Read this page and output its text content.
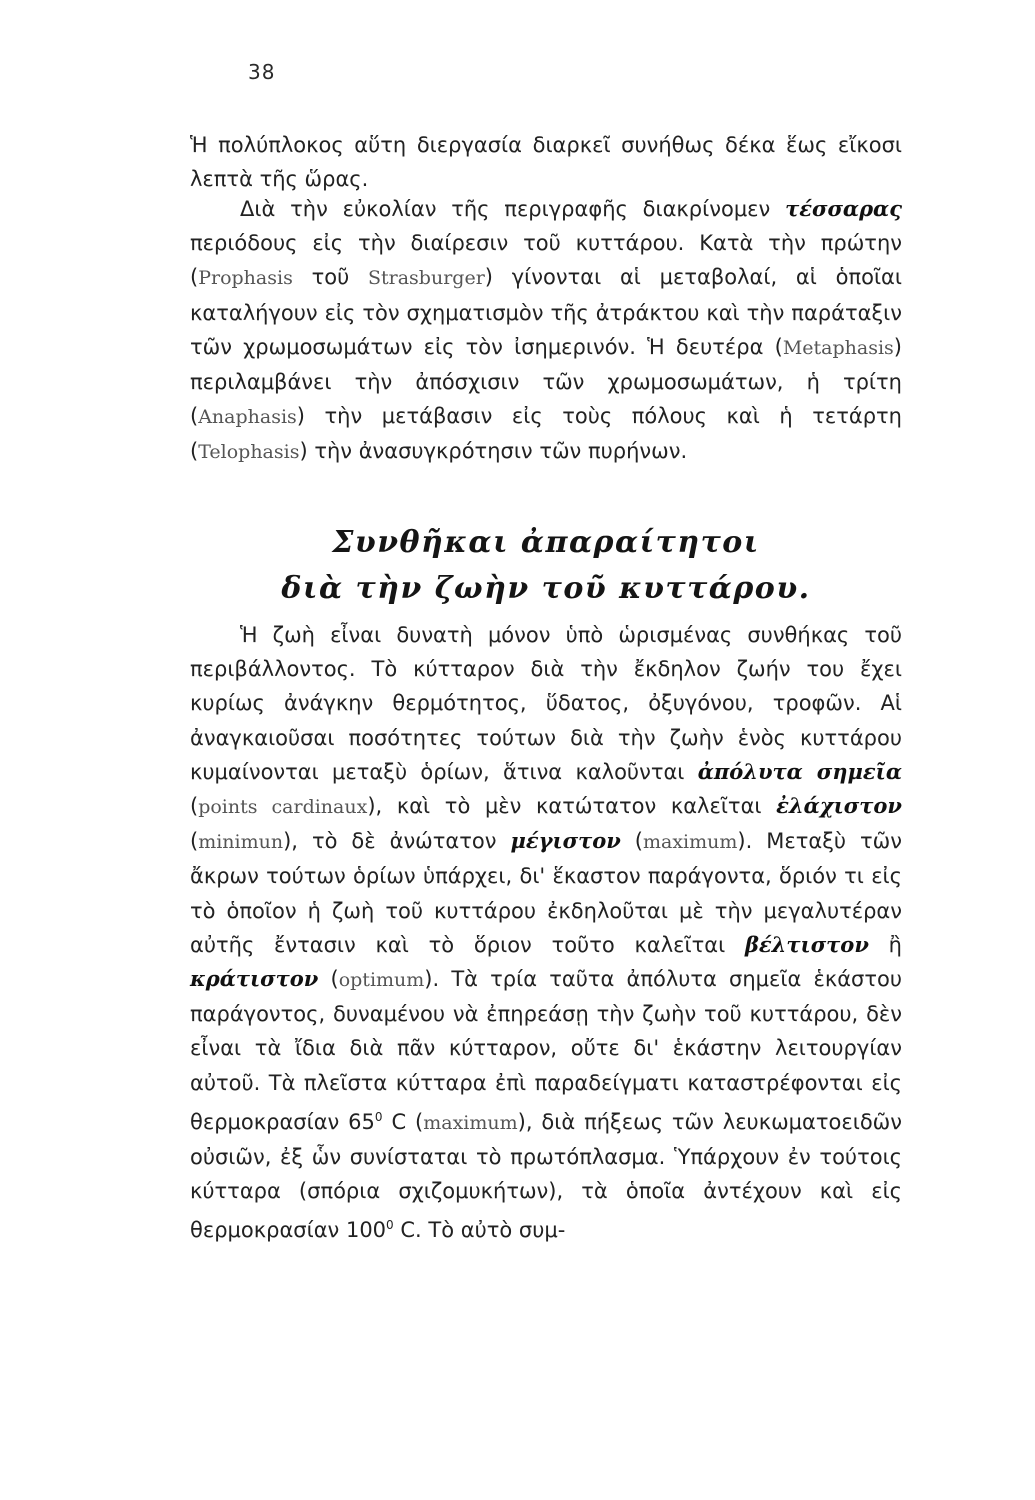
38

Ἡ πολύπλοκος αὕτη διεργασία διαρκεῖ συνήθως δέκα ἕως εἴκοσι λεπτὰ τῆς ὥρας.

Διὰ τὴν εὐκολίαν τῆς περιγραφῆς διακρίνομεν τέσσαρας περιόδους εἰς τὴν διαίρεσιν τοῦ κυττάρου. Κατὰ τὴν πρώτην (Prophasis τοῦ Strasburger) γίνονται αἱ μεταβολαί, αἱ ὁποῖαι καταλήγουν εἰς τὸν σχηματισμὸν τῆς ἀτράκτου καὶ τὴν παράταξιν τῶν χρωμοσωμάτων εἰς τὸν ἰσημερινόν. Ἡ δευτέρα (Metaphasis) περιλαμβάνει τὴν ἀπόσχισιν τῶν χρωμοσωμάτων, ἡ τρίτη (Anaphasis) τὴν μετάβασιν εἰς τοὺς πόλους καὶ ἡ τετάρτη (Telophasis) τὴν ἀνασυγκρότησιν τῶν πυρήνων.

Συνθῆκαι ἀπαραίτητοι
διὰ τὴν ζωὴν τοῦ κυττάρου.

Ἡ ζωὴ εἶναι δυνατὴ μόνον ὑπὸ ὡρισμένας συνθήκας τοῦ περιβάλλοντος. Τὸ κύτταρον διὰ τὴν ἔκδηλον ζωήν του ἔχει κυρίως ἀνάγκην θερμότητος, ὕδατος, ὀξυγόνου, τροφῶν. Αἱ ἀναγκαιοῦσαι ποσότητες τούτων διὰ τὴν ζωὴν ἑνὸς κυττάρου κυμαίνονται μεταξὺ ὁρίων, ἅτινα καλοῦνται ἀπόλυτα σημεῖα (points cardinaux), καὶ τὸ μὲν κατώτατον καλεῖται ἐλάχιστον (minimun), τὸ δὲ ἀνώτατον μέγιστον (maximum). Μεταξὺ τῶν ἄκρων τούτων ὁρίων ὑπάρχει, δι' ἕκαστον παράγοντα, ὅριόν τι εἰς τὸ ὁποῖον ἡ ζωὴ τοῦ κυττάρου ἐκδηλοῦται μὲ τὴν μεγαλυτέραν αὐτῆς ἔντασιν καὶ τὸ ὅριον τοῦτο καλεῖται βέλτιστον ἢ κράτιστον (optimum). Τὰ τρία ταῦτα ἀπόλυτα σημεῖα ἑκάστου παράγοντος, δυναμένου νὰ ἐπηρεάσῃ τὴν ζωὴν τοῦ κυττάρου, δὲν εἶναι τὰ ἴδια διὰ πᾶν κύτταρον, οὔτε δι' ἑκάστην λειτουργίαν αὐτοῦ. Τὰ πλεῖστα κύτταρα ἐπὶ παραδείγματι καταστρέφονται εἰς θερμοκρασίαν $65^0$ C (maximum), διὰ πήξεως τῶν λευκωματοειδῶν οὐσιῶν, ἐξ ὧν συνίσταται τὸ πρωτόπλασμα. Ὑπάρχουν ἐν τούτοις κύτταρα (σπόρια σχιζομυκήτων), τὰ ὁποῖα ἀντέχουν καὶ εἰς θερμοκρασίαν $100^0$ C. Τὸ αὐτὸ συμ-
